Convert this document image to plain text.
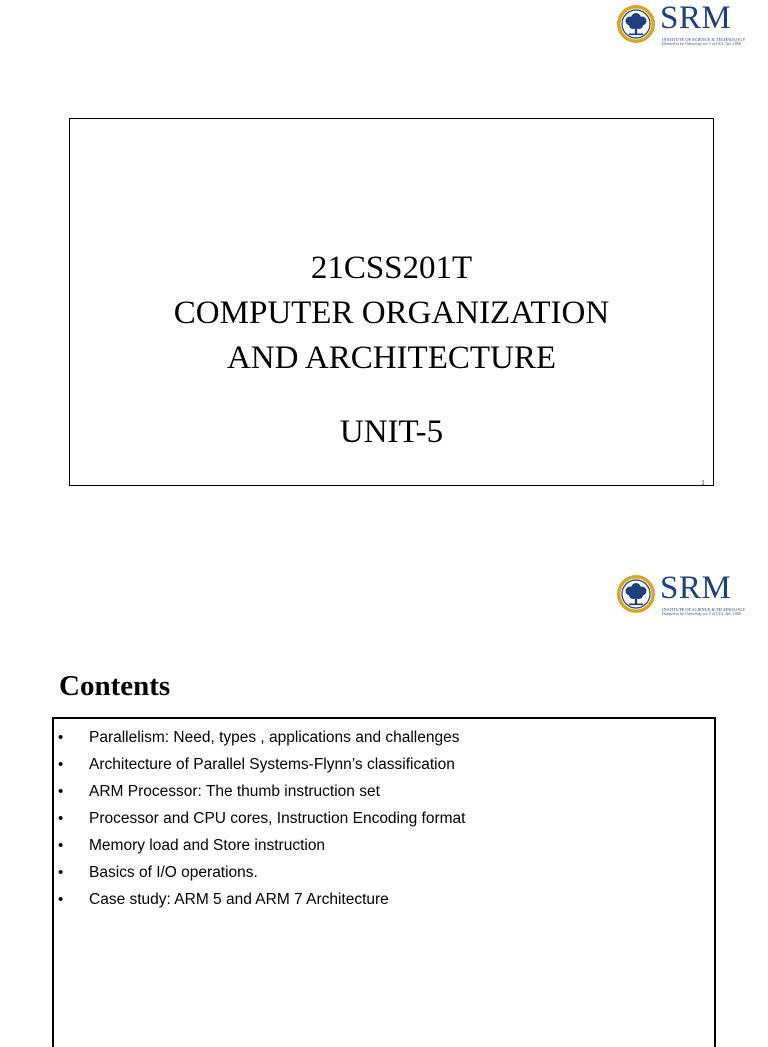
SRM
INSTITUTE OF SCIENCE & TECHNOLOGY
Deemed to be University u/s 3 of UGC Act, 1956
21CSS201T
COMPUTER ORGANIZATION
AND ARCHITECTURE
UNIT-5
1
SRM
INSTITUTE OF SCIENCE & TECHNOLOGY
Deemed to be University u/s 3 of UGC Act, 1956
Contents
• Parallelism: Need, types , applications and challenges
• Architecture of Parallel Systems-Flynn’s classification
• ARM Processor: The thumb instruction set
• Processor and CPU cores, Instruction Encoding format
• Memory load and Store instruction
• Basics of I/O operations.
• Case study: ARM 5 and ARM 7 Architecture
